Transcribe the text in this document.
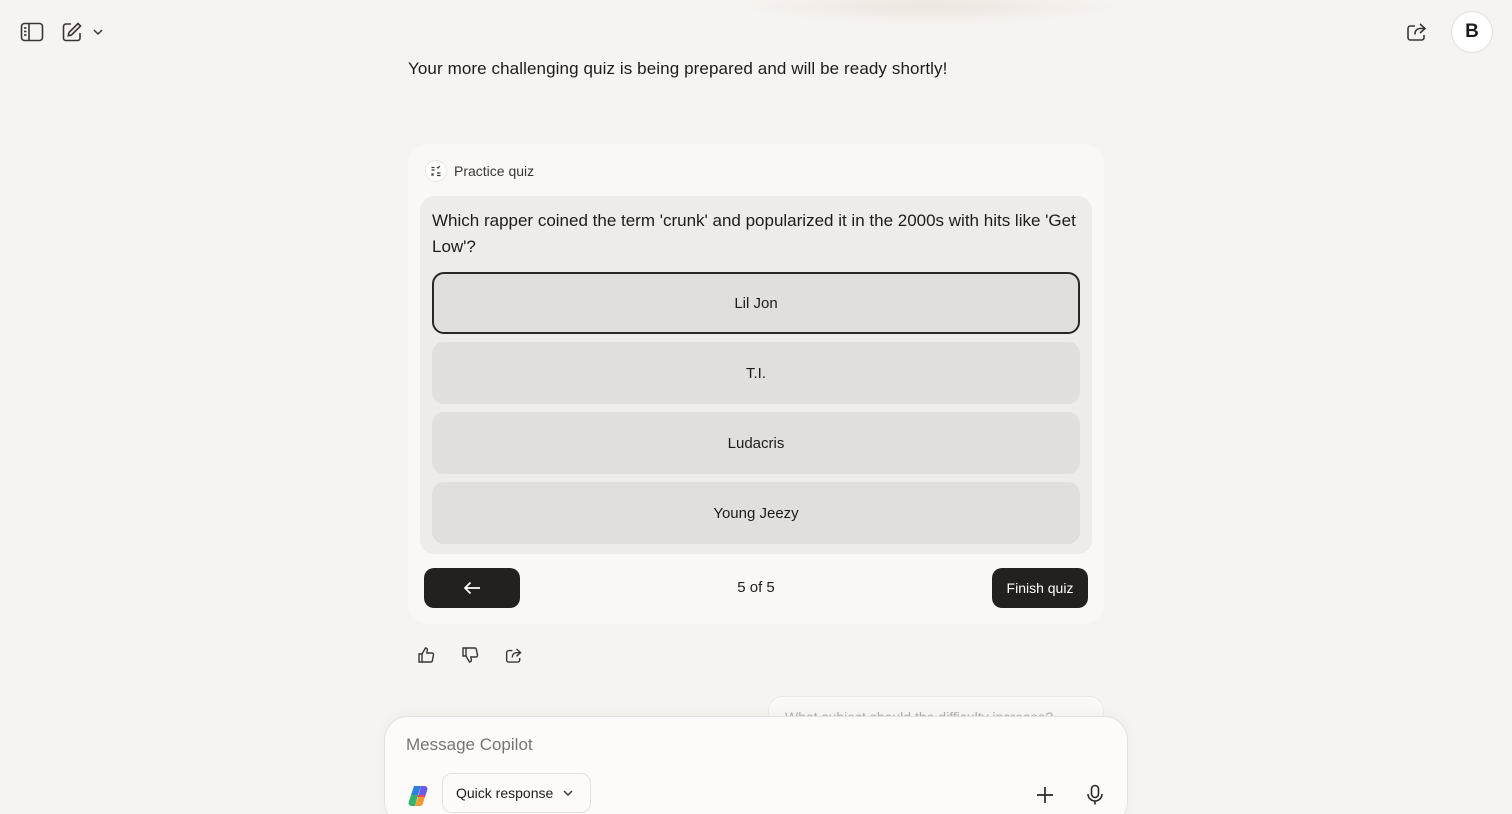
B
Your more challenging quiz is being prepared and will be ready shortly!
Practice quiz
Which rapper coined the term 'crunk' and popularized it in the 2000s with hits like 'Get Low'?
Lil Jon
T.I.
Ludacris
Young Jeezy
5 of 5	Finish quiz
Message Copilot
Quick response
